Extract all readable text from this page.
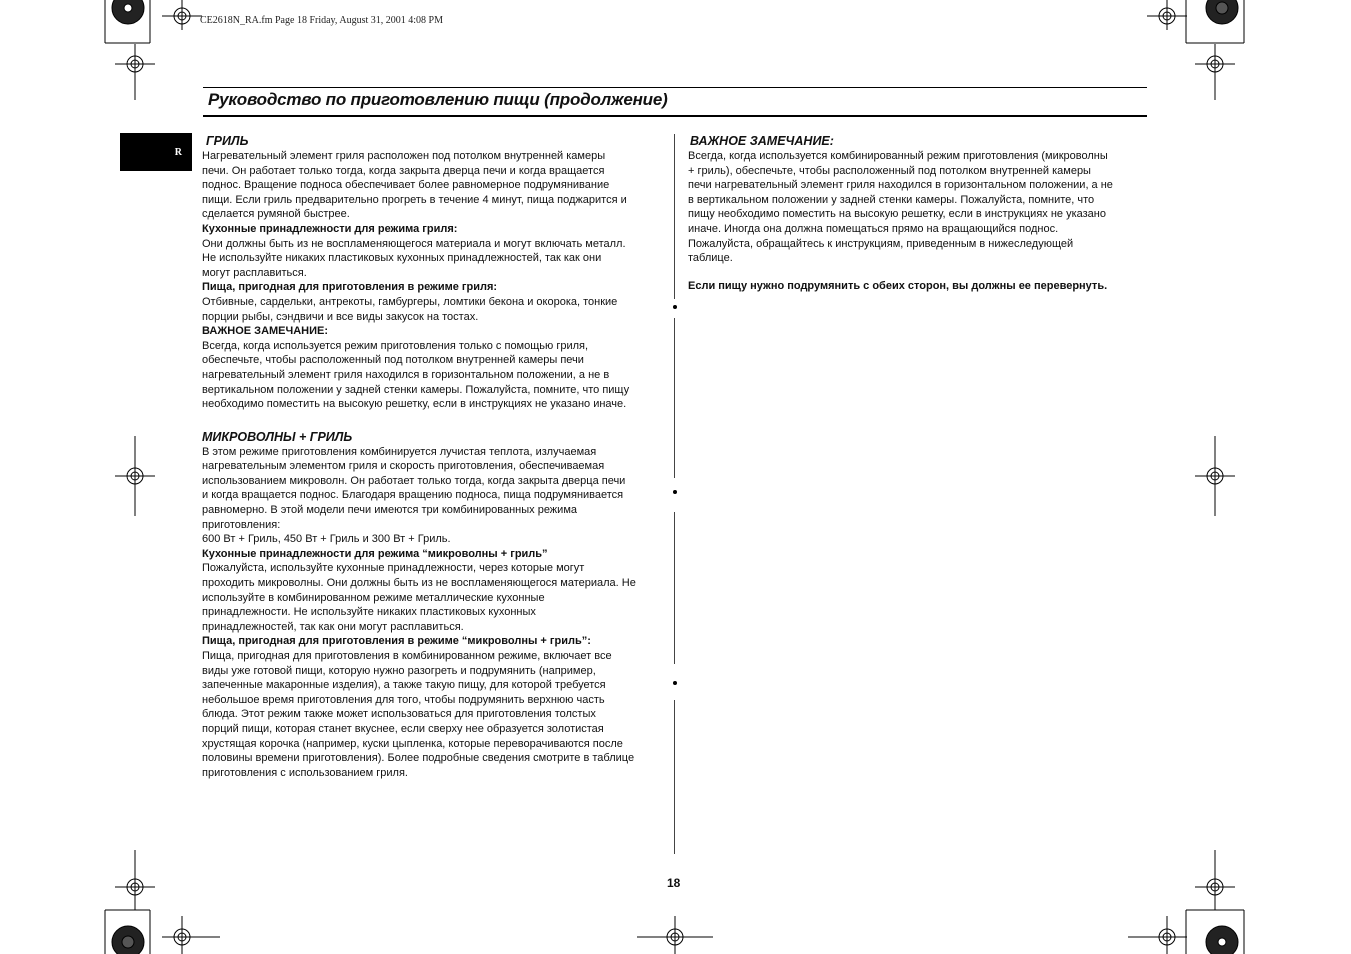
CE2618N_RA.fm Page 18 Friday, August 31, 2001 4:08 PM
Руководство по приготовлению пищи (продолжение)
R

ГРИЛЬ

Нагревательный элемент гриля расположен под потолком внутренней камеры

печи. Он работает только тогда, когда закрыта дверца печи и когда вращается

поднос. Вращение подноса обеспечивает более равномерное подрумянивание

пищи. Если гриль предварительно прогреть в течение 4 минут, пища поджарится и

сделается румяной быстрее.

Кухонные принадлежности для режима гриля:

Они должны быть из не воспламеняющегося материала и могут включать металл.

Не используйте никаких пластиковых кухонных принадлежностей, так как они

могут расплавиться.

Пища, пригодная для приготовления в режиме гриля:

Отбивные, сардельки, антрекоты, гамбургеры, ломтики бекона и окорока, тонкие

порции рыбы, сэндвичи и все виды закусок на тостах.

ВАЖНОЕ ЗАМЕЧАНИЕ:

Всегда, когда используется режим приготовления только с помощью гриля,

обеспечьте, чтобы расположенный под потолком внутренней камеры печи

нагревательный элемент гриля находился в горизонтальном положении, а не в

вертикальном положении у задней стенки камеры. Пожалуйста, помните, что пищу

необходимо поместить на высокую решетку, если в инструкциях не указано иначе.

МИКРОВОЛНЫ + ГРИЛЬ

В этом режиме приготовления комбинируется лучистая теплота, излучаемая

нагревательным элементом гриля и скорость приготовления, обеспечиваемая

использованием микроволн. Он работает только тогда, когда закрыта дверца печи

и когда вращается поднос. Благодаря вращению подноса, пища подрумянивается

равномерно. В этой модели печи имеются три комбинированных режима

приготовления:

600 Вт + Гриль, 450 Вт + Гриль и 300 Вт + Гриль.

Кухонные принадлежности для режима “микроволны + гриль”

Пожалуйста, используйте кухонные принадлежности, через которые могут

проходить микроволны. Они должны быть из не воспламеняющегося материала. Не

используйте в комбинированном режиме металлические кухонные

принадлежности. Не используйте никаких пластиковых кухонных

принадлежностей, так как они могут расплавиться.

Пища, пригодная для приготовления в режиме “микроволны + гриль”:

Пища, пригодная для приготовления в комбинированном режиме, включает все

виды уже готовой пищи, которую нужно разогреть и подрумянить (например,

запеченные макаронные изделия), а также такую пищу, для которой требуется

небольшое время приготовления для того, чтобы подрумянить верхнюю часть

блюда. Этот режим также может использоваться для приготовления толстых

порций пищи, которая станет вкуснее, если сверху нее образуется золотистая

хрустящая корочка (например, куски цыпленка, которые переворачиваются после

половины времени приготовления). Более подробные сведения смотрите в таблице

приготовления с использованием гриля.

ВАЖНОЕ ЗАМЕЧАНИЕ:

Всегда, когда используется комбинированный режим приготовления (микроволны

+ гриль), обеспечьте, чтобы расположенный под потолком внутренней камеры

печи нагревательный элемент гриля находился в горизонтальном положении, а не

в вертикальном положении у задней стенки камеры. Пожалуйста, помните, что

пищу необходимо поместить на высокую решетку, если в инструкциях не указано

иначе. Иногда она должна помещаться прямо на вращающийся поднос.

Пожалуйста, обращайтесь к инструкциям, приведенным в нижеследующей

таблице.

Если пищу нужно подрумянить с обеих сторон, вы должны ее перевернуть.

18
